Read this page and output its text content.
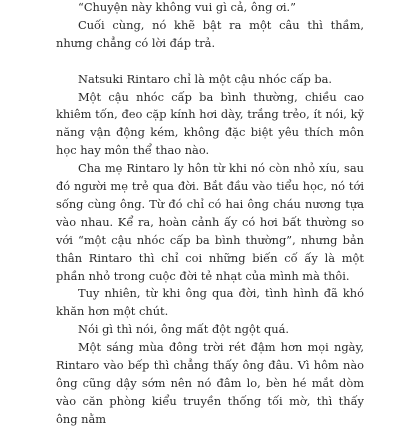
“Chuyện này không vui gì cả, ông ơi.”

Cuối cùng, nó khẽ bật ra một câu thì thầm, nhưng chẳng có lời đáp trả.

Natsuki Rintaro chỉ là một cậu nhóc cấp ba.

Một cậu nhóc cấp ba bình thường, chiều cao khiêm tốn, đeo cặp kính hơi dày, trắng trẻo, ít nói, kỹ năng vận động kém, không đặc biệt yêu thích môn học hay môn thể thao nào.

Cha mẹ Rintaro ly hôn từ khi nó còn nhỏ xíu, sau đó người mẹ trẻ qua đời. Bắt đầu vào tiểu học, nó tới sống cùng ông. Từ đó chỉ có hai ông cháu nương tựa vào nhau. Kể ra, hoàn cảnh ấy có hơi bất thường so với “một cậu nhóc cấp ba bình thường”, nhưng bản thân Rintaro thì chỉ coi những biến cố ấy là một phần nhỏ trong cuộc đời tẻ nhạt của mình mà thôi.

Tuy nhiên, từ khi ông qua đời, tình hình đã khó khăn hơn một chút.

Nói gì thì nói, ông mất đột ngột quá.

Một sáng mùa đông trời rét đậm hơn mọi ngày, Rintaro vào bếp thì chẳng thấy ông đâu. Vì hôm nào ông cũng dậy sớm nên nó đâm lo, bèn hé mắt dòm vào căn phòng kiểu truyền thống tối mờ, thì thấy ông nằm
